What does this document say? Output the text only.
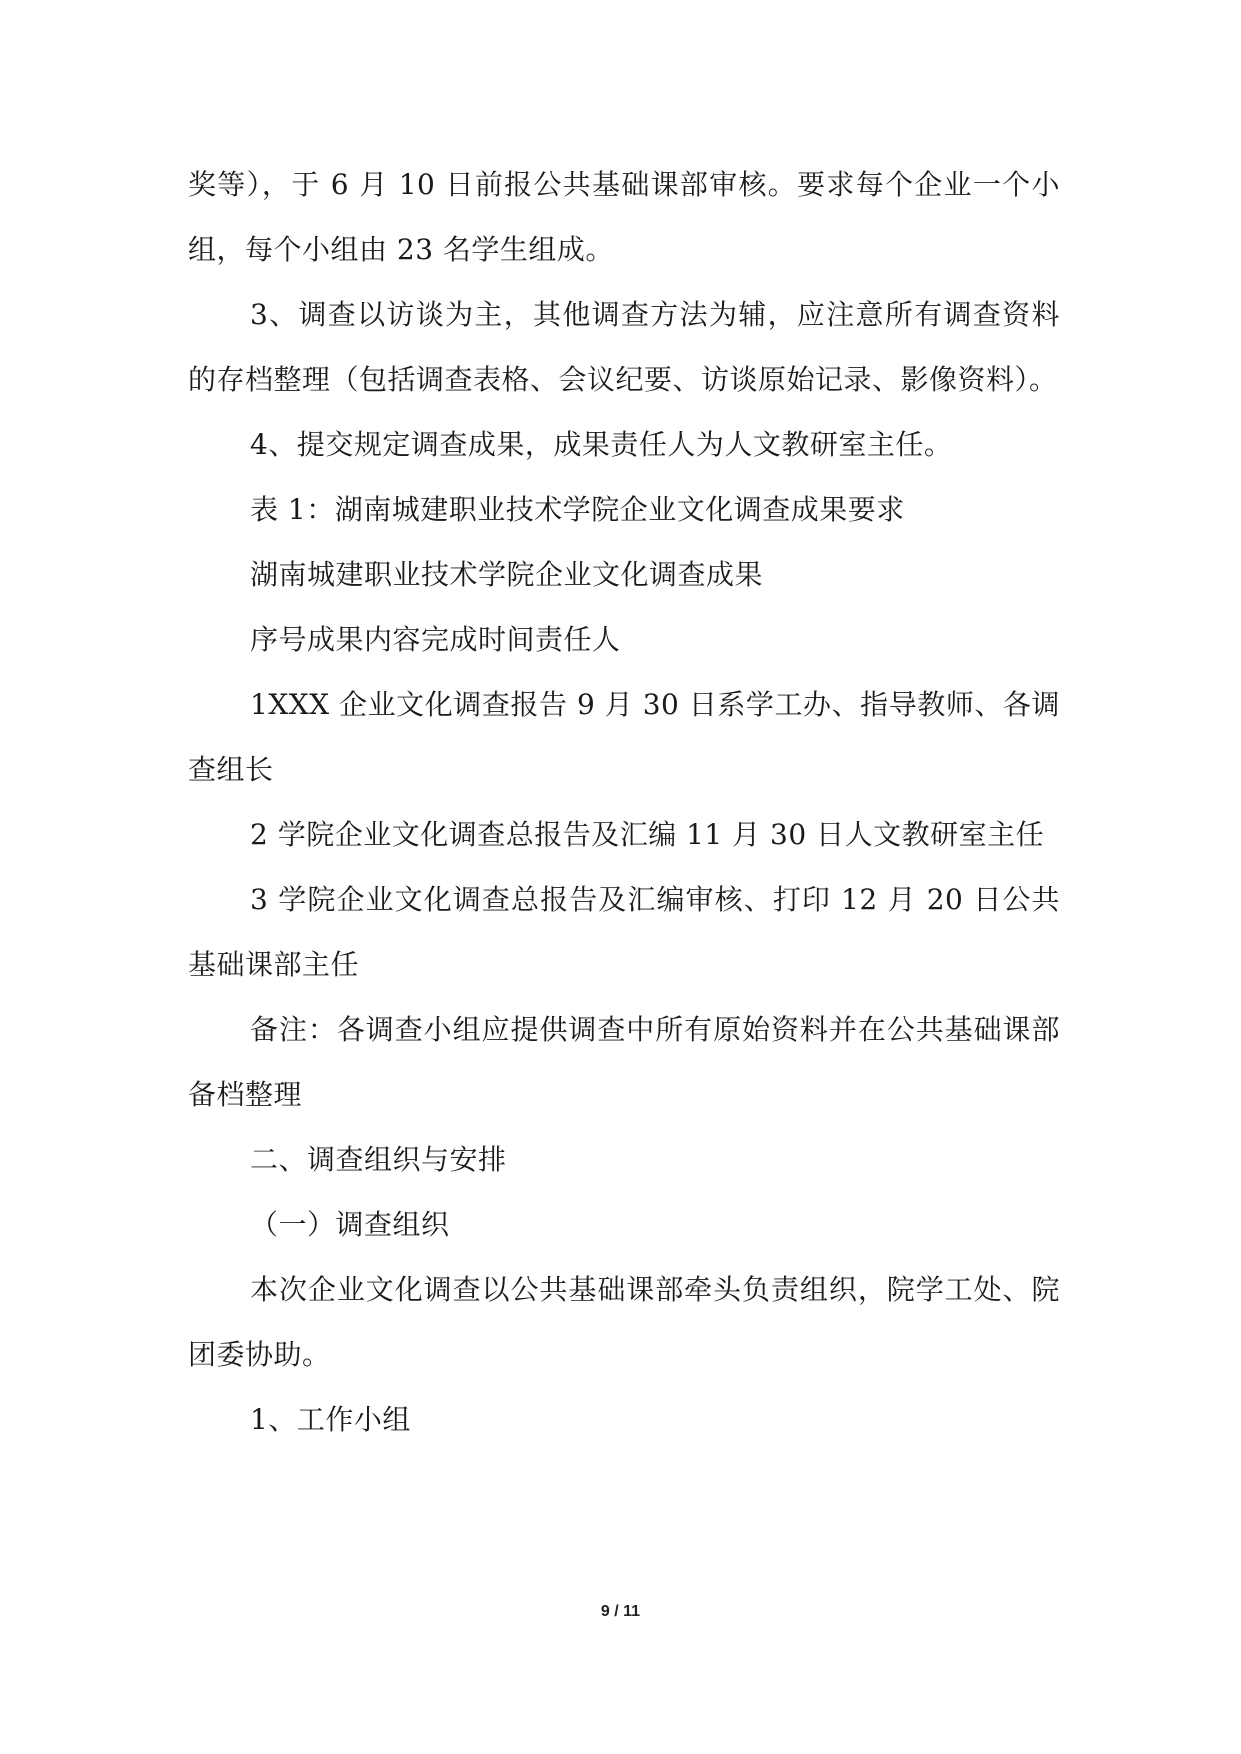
奖等），于 6 月 10 日前报公共基础课部审核。要求每个企业一个小组，每个小组由 23 名学生组成。

3、调查以访谈为主，其他调查方法为辅，应注意所有调查资料的存档整理（包括调查表格、会议纪要、访谈原始记录、影像资料）。

4、提交规定调查成果，成果责任人为人文教研室主任。

表 1：湖南城建职业技术学院企业文化调查成果要求

湖南城建职业技术学院企业文化调查成果

序号成果内容完成时间责任人

1XXX 企业文化调查报告 9 月 30 日系学工办、指导教师、各调查组长

2 学院企业文化调查总报告及汇编 11 月 30 日人文教研室主任

3 学院企业文化调查总报告及汇编审核、打印 12 月 20 日公共基础课部主任

备注：各调查小组应提供调查中所有原始资料并在公共基础课部备档整理

二、调查组织与安排

（一）调查组织

本次企业文化调查以公共基础课部牵头负责组织，院学工处、院团委协助。

1、工作小组

9 / 11
